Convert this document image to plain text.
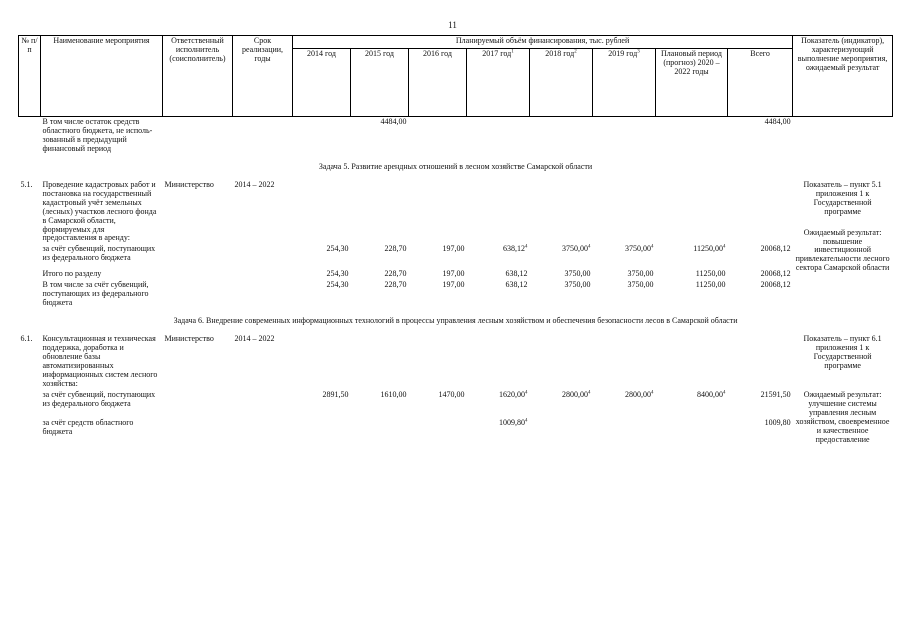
11
№ п/п	Наименование мероприятия	Ответственный исполнитель (соисполнитель)	Срок реализации, годы	Планируемый объём финансирования, тыс. рублей								Показатель (индикатор), характеризующий выполнение мероприятия, ожидаемый результат
				2014 год	2015 год	2016 год	2017 год$^1$	2018 год$^2$	2019 год$^3$	Плановый период (прогноз) 2020 – 2022 годы	Всего	
	В том числе остаток средств областного бюджета, не исполь-зованный в предыдущий финансовый период				4484,00						4484,00	
Задача 5. Развитие арендных отношений в лесном хозяйстве Самарской области												
5.1.	Проведение кадастровых работ и постановка на государственный кадастровый учёт земельных (лесных) участков лесного фонда в Самарской области, формируемых для предоставления в аренду:	Министерство	2014 – 2022									Показатель – пункт 5.1 приложения 1 к Государственной программе
Ожидаемый результат: повышение инвестиционной привлекательности лесного сектора Самарской области

	за счёт субвенций, поступающих из федерального бюджета			254,30	228,70	197,00	638,12$^4$	3750,00$^4$	3750,00$^4$	11250,00$^4$	20068,12	
	Итого по разделу			254,30	228,70	197,00	638,12	3750,00	3750,00	11250,00	20068,12	
	В том числе за счёт субвенций, поступающих из федерального бюджета			254,30	228,70	197,00	638,12	3750,00	3750,00	11250,00	20068,12	
Задача 6. Внедрение современных информационных технологий в процессы управления лесным хозяйством и обеспечения безопасности лесов в Самарской области												
6.1.	Консультационная и техническая поддержка, доработка и обновление базы автоматизированных информационных систем лесного хозяйства:	Министерство	2014 – 2022									Показатель – пункт 6.1 приложения 1 к Государственной программе
	за счёт субвенций, поступающих из федерального бюджета			2891,50	1610,00	1470,00	1620,00$^4$	2800,00$^4$	2800,00$^4$	8400,00$^4$	21591,50	Ожидаемый результат: улучшение системы управления лесным хозяйством, своевременное и качественное предоставление
	за счёт средств областного бюджета						1009,80$^4$				1009,80	
